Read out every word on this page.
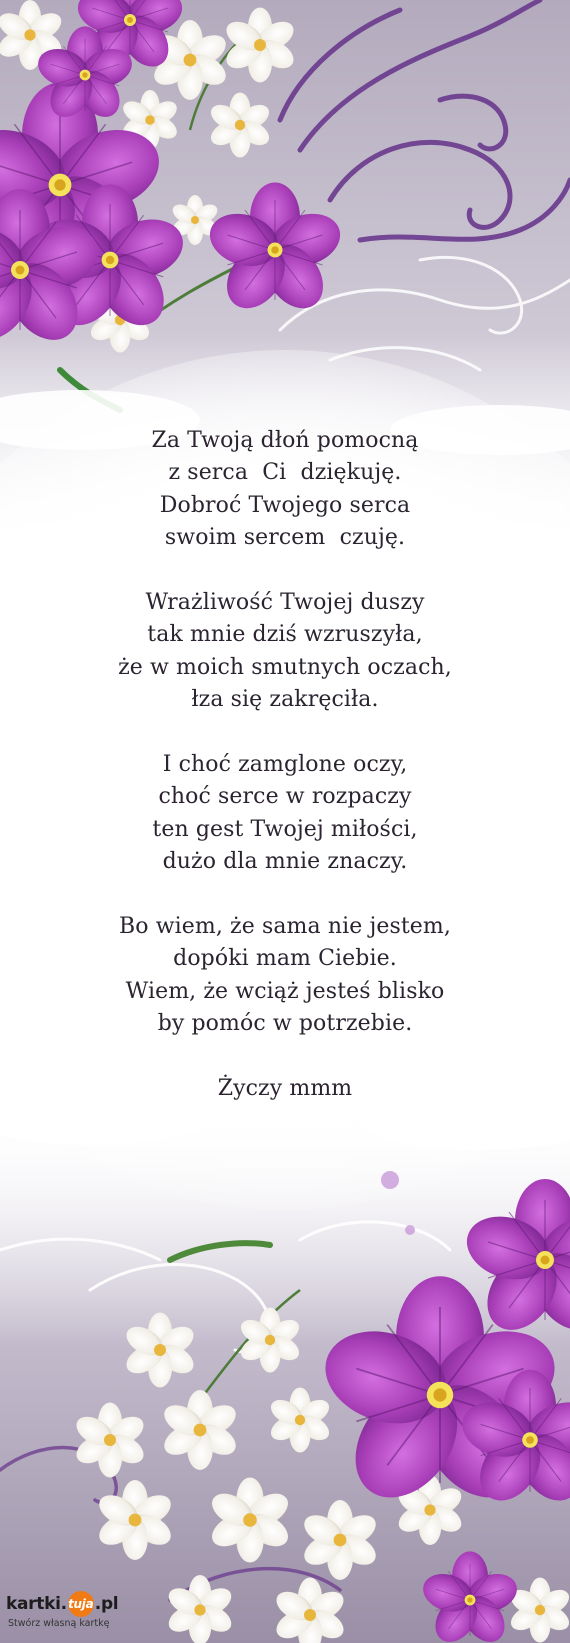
Za Twoją dłoń pomocną
z serca  Ci  dziękuję.
Dobroć Twojego serca
swoim sercem  czuję.
Wrażliwość Twojej duszy
tak mnie dziś wzruszyła,
że w moich smutnych oczach,
łza się zakręciła.
I choć zamglone oczy,
choć serce w rozpaczy
ten gest Twojej miłości,
dużo dla mnie znaczy.
Bo wiem, że sama nie jestem,
dopóki mam Ciebie.
Wiem, że wciąż jesteś blisko
by pomóc w potrzebie.
Życzy mmm
kartki. tuja .pl
Stwórz własną kartkę
